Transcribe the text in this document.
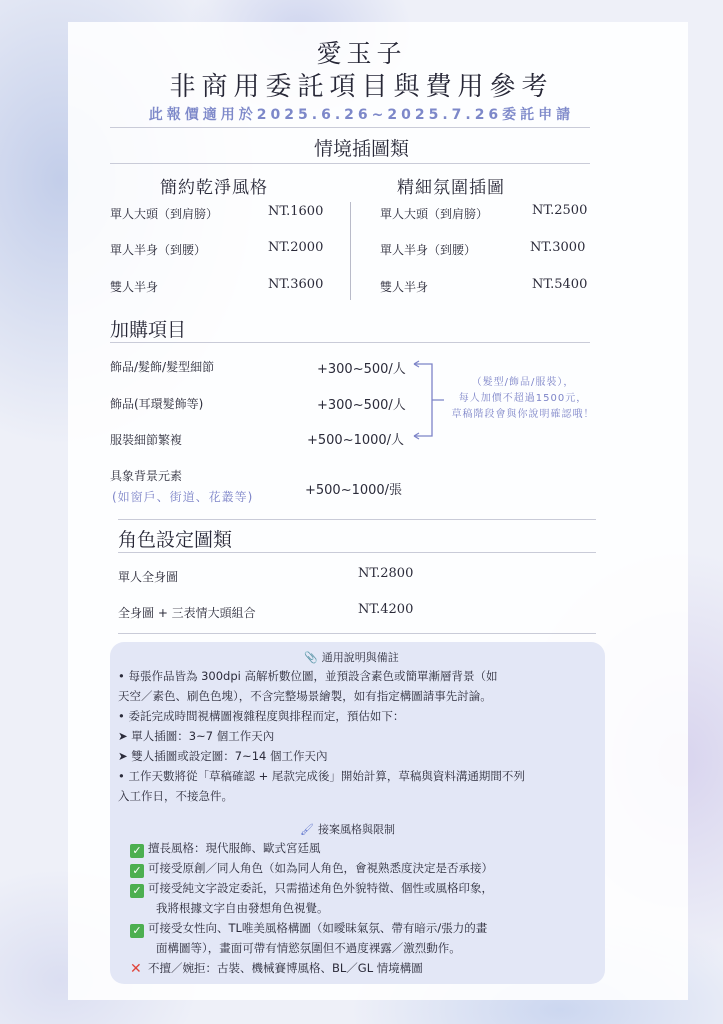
愛玉子
非商用委託項目與費用參考
此報價適用於2025.6.26~2025.7.26委託申請
情境插圖類
簡約乾淨風格	精細氛圍插圖
單人大頭（到肩膀）	NT.1600
單人半身（到腰）	NT.2000
雙人半身	NT.3600
單人大頭（到肩膀）	NT.2500
單人半身（到腰）	NT.3000
雙人半身	NT.5400
加購項目
飾品/髮飾/髮型細節	+300~500/人
飾品(耳環髮飾等)	+300~500/人
服裝細節繁複	+500~1000/人
具象背景元素
(如窗戶、街道、花叢等)	+500~1000/張
（髮型/飾品/服裝），
每人加價不超過1500元，
草稿階段會與你說明確認哦！
角色設定圖類
單人全身圖	NT.2800
全身圖 + 三表情大頭組合	NT.4200
📎 通用說明與備註
• 每張作品皆為 300dpi 高解析數位圖，並預設含素色或簡單漸層背景（如
天空／素色、刷色色塊），不含完整場景繪製，如有指定構圖請事先討論。
• 委託完成時間視構圖複雜程度與排程而定，預估如下：
➤ 單人插圖：3~7 個工作天內
➤ 雙人插圖或設定圖：7~14 個工作天內
• 工作天數將從「草稿確認 + 尾款完成後」開始計算，草稿與資料溝通期間不列
入工作日，不接急件。
🖌 接案風格與限制
✓ 擅長風格：現代服飾、歐式宮廷風
✓ 可接受原創／同人角色（如為同人角色，會視熟悉度決定是否承接）
✓ 可接受純文字設定委託，只需描述角色外貌特徵、個性或風格印象，
我將根據文字自由發想角色視覺。
✓ 可接受女性向、TL唯美風格構圖（如曖昧氣氛、帶有暗示/張力的畫
面構圖等），畫面可帶有情慾氛圍但不過度裸露／激烈動作。
✕ 不擅／婉拒：古裝、機械賽博風格、BL／GL 情境構圖
